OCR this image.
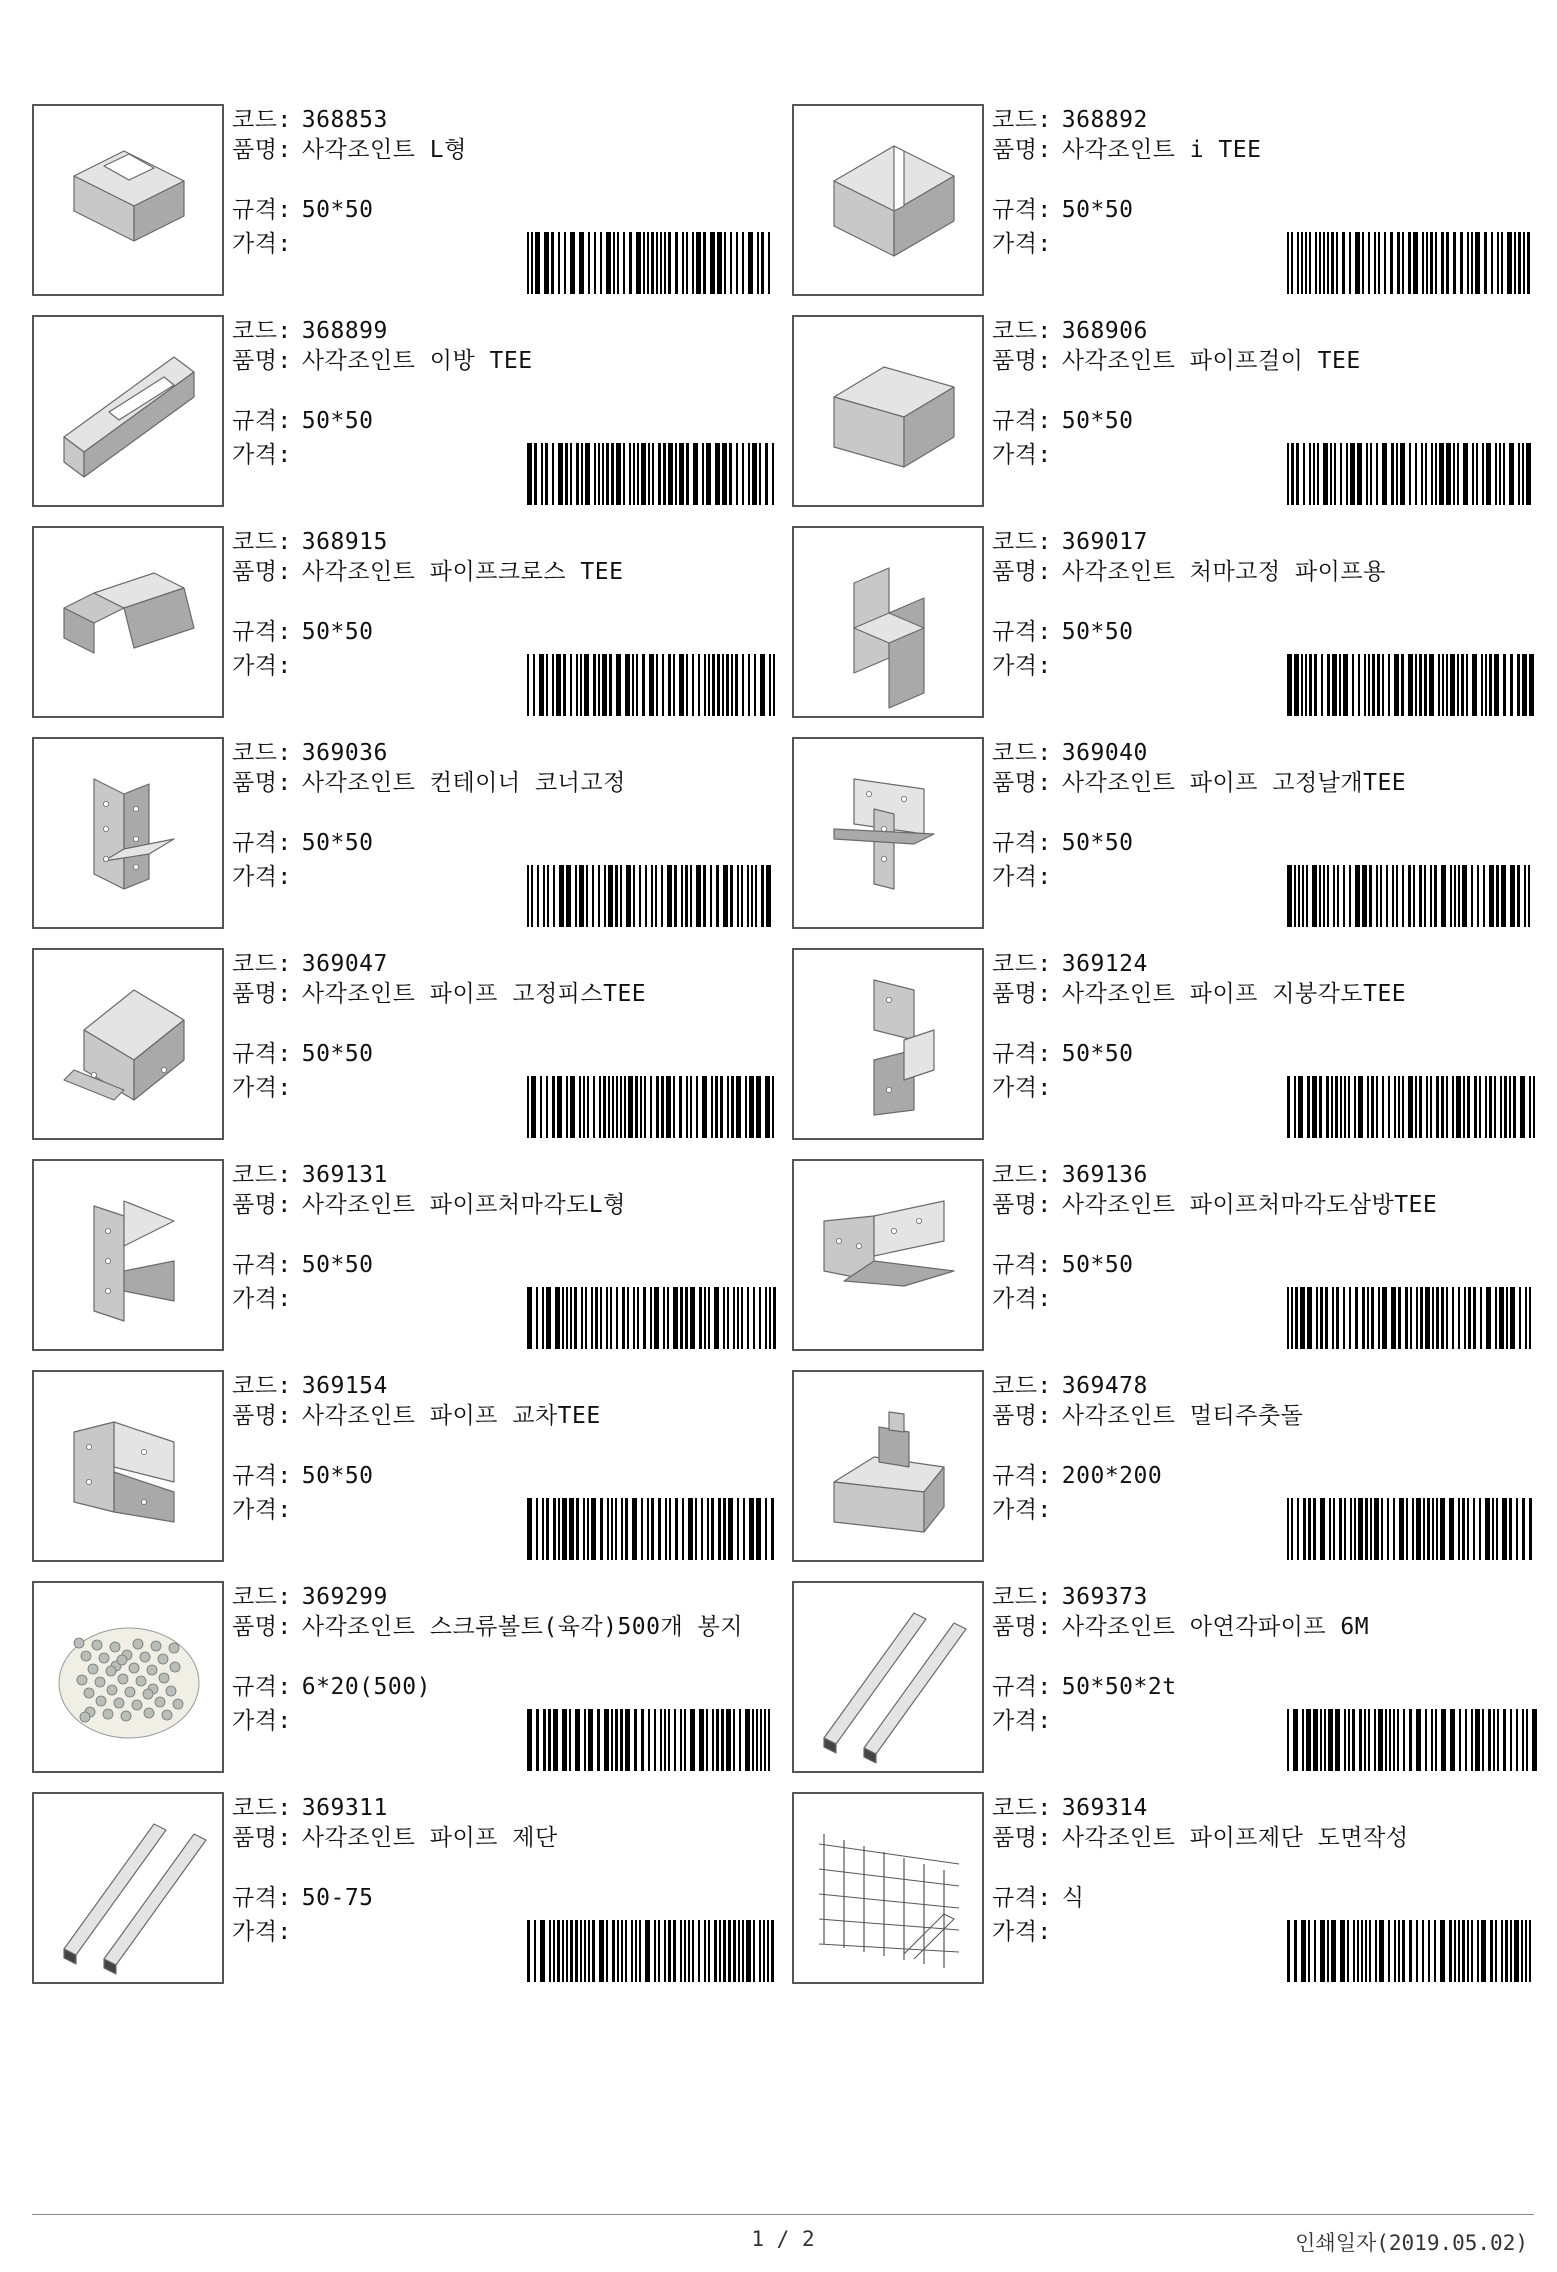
코드: 368853
품명: 사각조인트 L형
규격: 50*50
가격:
코드: 368892
품명: 사각조인트 i TEE
규격: 50*50
가격:
코드: 368899
품명: 사각조인트 이방 TEE
규격: 50*50
가격:
코드: 368906
품명: 사각조인트 파이프걸이 TEE
규격: 50*50
가격:
코드: 368915
품명: 사각조인트 파이프크로스 TEE
규격: 50*50
가격:
코드: 369017
품명: 사각조인트 처마고정 파이프용
규격: 50*50
가격:
코드: 369036
품명: 사각조인트 컨테이너 코너고정
규격: 50*50
가격:
코드: 369040
품명: 사각조인트 파이프 고정날개TEE
규격: 50*50
가격:
코드: 369047
품명: 사각조인트 파이프 고정피스TEE
규격: 50*50
가격:
코드: 369124
품명: 사각조인트 파이프 지붕각도TEE
규격: 50*50
가격:
코드: 369131
품명: 사각조인트 파이프처마각도L형
규격: 50*50
가격:
코드: 369136
품명: 사각조인트 파이프처마각도삼방TEE
규격: 50*50
가격:
코드: 369154
품명: 사각조인트 파이프 교차TEE
규격: 50*50
가격:
코드: 369478
품명: 사각조인트 멀티주춧돌
규격: 200*200
가격:
코드: 369299
품명: 사각조인트 스크류볼트(육각)500개 봉지
규격: 6*20(500)
가격:
코드: 369373
품명: 사각조인트 아연각파이프 6M
규격: 50*50*2t
가격:
코드: 369311
품명: 사각조인트 파이프 제단
규격: 50-75
가격:
코드: 369314
품명: 사각조인트 파이프제단 도면작성
규격: 식
가격:
1 / 2	인쇄일자(2019.05.02)
